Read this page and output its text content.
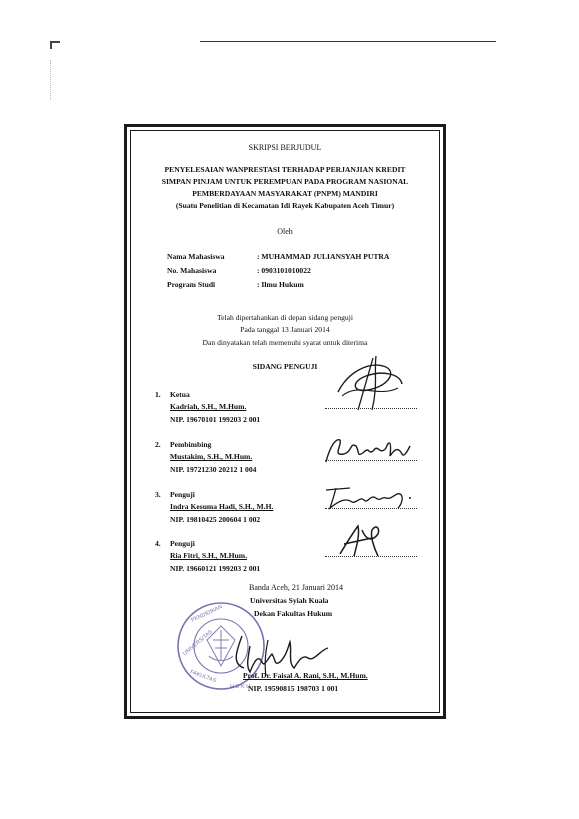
SKRIPSI BERJUDUL
PENYELESAIAN WANPRESTASI TERHADAP PERJANJIAN KREDIT
SIMPAN PINJAM UNTUK PEREMPUAN PADA PROGRAM NASIONAL
PEMBERDAYAAN MASYARAKAT (PNPM) MANDIRI
(Suatu Penelitian di Kecamatan Idi Rayek Kabupaten Aceh Timur)
Oleh
Nama Mahasiswa	: MUHAMMAD JULIANSYAH PUTRA
No. Mahasiswa	: 0903101010022
Program Studi	: Ilmu Hukum
Telah dipertahankan di depan sidang penguji
Pada tanggal 13 Januari 2014
Dan dinyatakan telah memenuhi syarat untuk diterima
SIDANG PENGUJI
1. Ketua
Kadriah, S.H., M.Hum.
NIP. 19670101 199203 2 001
2. Pembimbing
Mustakim, S.H., M.Hum.
NIP. 19721230 20212 1 004
3. Penguji
Indra Kesuma Hadi, S.H., M.H.
NIP. 19810425 200604 1 002
4. Penguji
Ria Fitri, S.H., M.Hum.
NIP. 19660121 199203 2 001
Banda Aceh, 21 Januari 2014
Universitas Syiah Kuala
Dekan Fakultas Hukum
PENDIDIKAN
UNIVERSITAS
FAKULTAS
H U K U
Prof. Dr. Faisal A. Rani, S.H., M.Hum.
NIP. 19590815 198703 1 001
